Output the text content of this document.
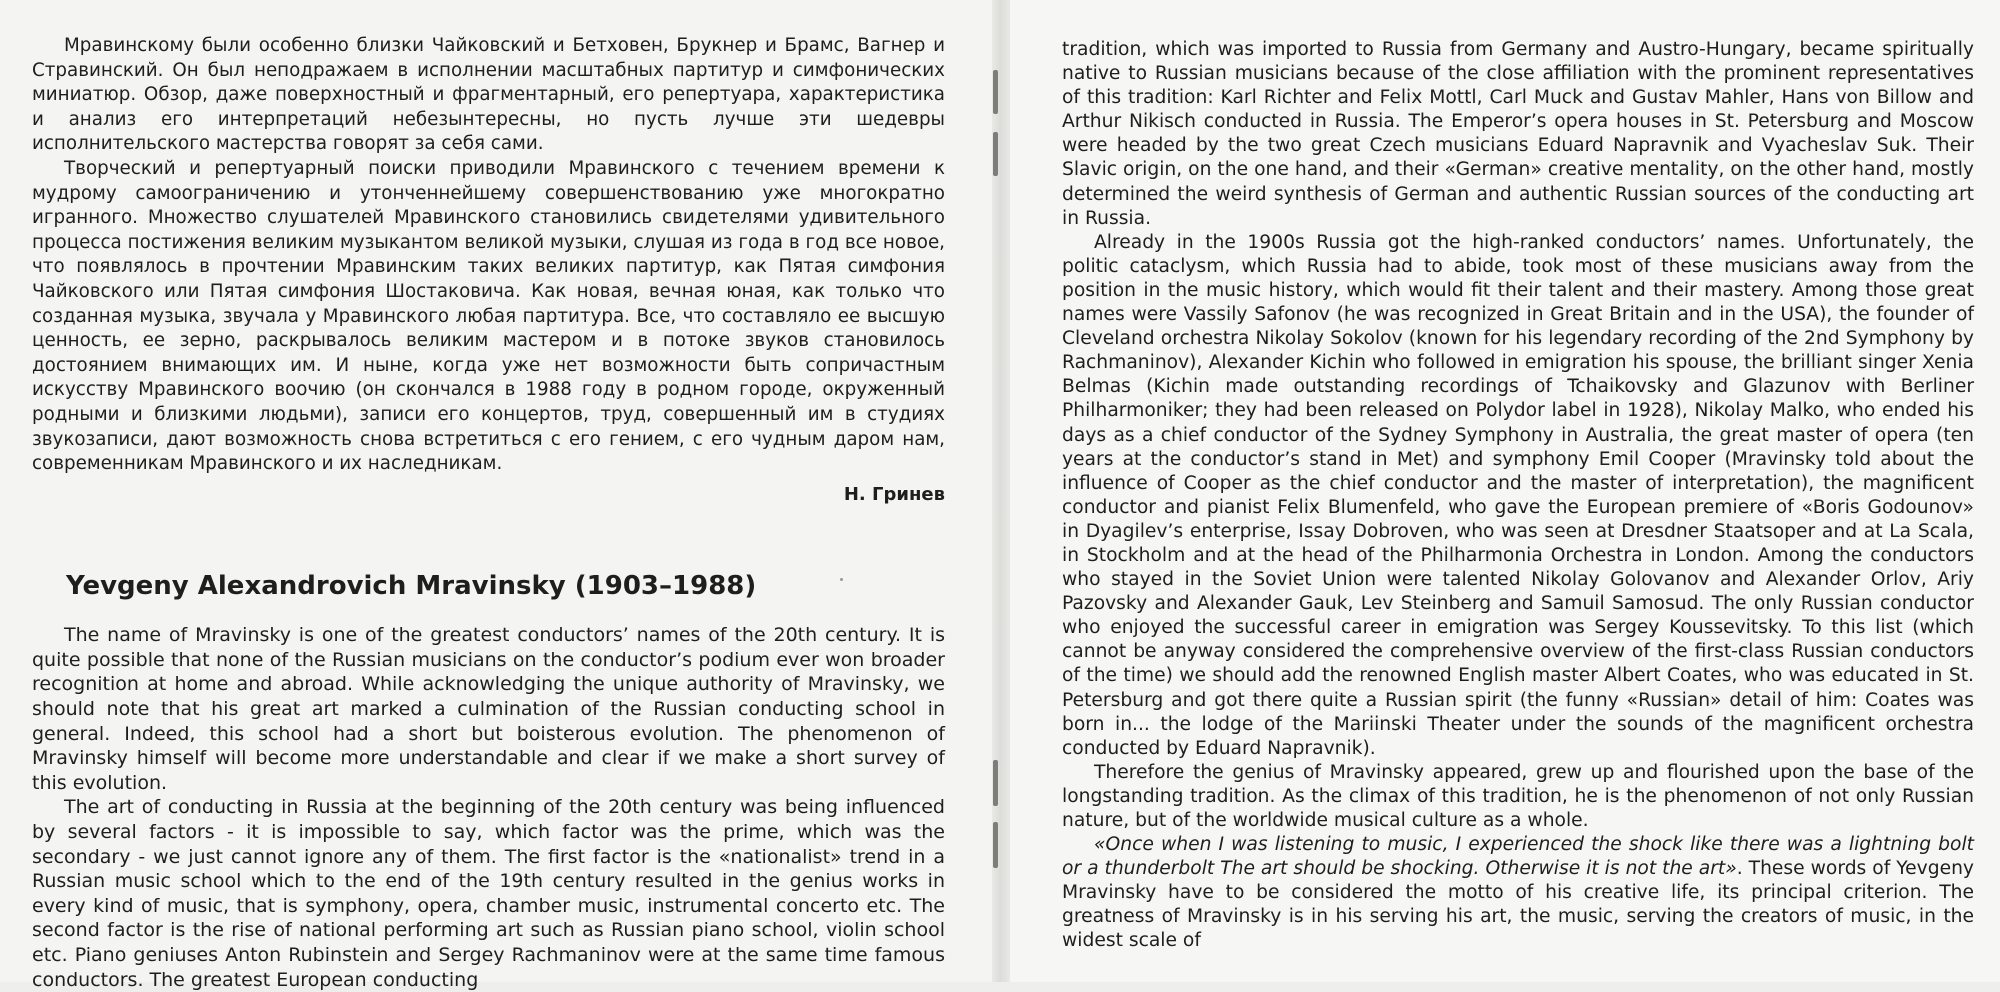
Мравинскому были особенно близки Чайковский и Бетховен, Брукнер и Брамс, Вагнер и Стравинский. Он был неподражаем в исполнении масштабных партитур и симфонических миниатюр. Обзор, даже поверхностный и фрагментарный, его репертуара, характеристика и анализ его интерпретаций небезынтересны, но пусть лучше эти шедевры исполнительского мастерства говорят за себя сами.

Творческий и репертуарный поиски приводили Мравинского с течением времени к мудрому самоограничению и утонченнейшему совершенствованию уже многократно игранного. Множество слушателей Мравинского становились свидетелями удивительного процесса постижения великим музыкантом великой музыки, слушая из года в год все новое, что появлялось в прочтении Мравинским таких великих партитур, как Пятая симфония Чайковского или Пятая симфония Шостаковича. Как новая, вечная юная, как только что созданная музыка, звучала у Мравинского любая партитура. Все, что составляло ее высшую ценность, ее зерно, раскрывалось великим мастером и в потоке звуков становилось достоянием внимающих им. И ныне, когда уже нет возможности быть сопричастным искусству Мравинского воочию (он скончался в 1988 году в родном городе, окруженный родными и близкими людьми), записи его концертов, труд, совершенный им в студиях звукозаписи, дают возможность снова встретиться с его гением, с его чудным даром нам, современникам Мравинского и их наследникам.

Н. Гринев
Yevgeny Alexandrovich Mravinsky (1903–1988)

The name of Mravinsky is one of the greatest conductors’ names of the 20th century. It is quite possible that none of the Russian musicians on the conductor’s podium ever won broader recognition at home and abroad. While acknowledging the unique authority of Mravinsky, we should note that his great art marked a culmination of the Russian conducting school in general. Indeed, this school had a short but boisterous evolution. The phenomenon of Mravinsky himself will become more understandable and clear if we make a short survey of this evolution.

The art of conducting in Russia at the beginning of the 20th century was being influenced by several factors - it is impossible to say, which factor was the prime, which was the secondary - we just cannot ignore any of them. The first factor is the «nationalist» trend in a Russian music school which to the end of the 19th century resulted in the genius works in every kind of music, that is symphony, opera, chamber music, instrumental concerto etc. The second factor is the rise of national performing art such as Russian piano school, violin school etc. Piano geniuses Anton Rubinstein and Sergey Rachmaninov were at the same time famous conductors. The greatest European conducting

tradition, which was imported to Russia from Germany and Austro-Hungary, became spiritually native to Russian musicians because of the close affiliation with the prominent representatives of this tradition: Karl Richter and Felix Mottl, Carl Muck and Gustav Mahler, Hans von Billow and Arthur Nikisch conducted in Russia. The Emperor’s opera houses in St. Petersburg and Moscow were headed by the two great Czech musicians Eduard Napravnik and Vyacheslav Suk. Their Slavic origin, on the one hand, and their «German» creative mentality, on the other hand, mostly determined the weird synthesis of German and authentic Russian sources of the conducting art in Russia.

Already in the 1900s Russia got the high-ranked conductors’ names. Unfortunately, the politic cataclysm, which Russia had to abide, took most of these musicians away from the position in the music history, which would fit their talent and their mastery. Among those great names were Vassily Safonov (he was recognized in Great Britain and in the USA), the founder of Cleveland orchestra Nikolay Sokolov (known for his legendary recording of the 2nd Symphony by Rachmaninov), Alexander Kichin who followed in emigration his spouse, the brilliant singer Xenia Belmas (Kichin made outstanding recordings of Tchaikovsky and Glazunov with Berliner Philharmoniker; they had been released on Polydor label in 1928), Nikolay Malko, who ended his days as a chief conductor of the Sydney Symphony in Australia, the great master of opera (ten years at the conductor’s stand in Met) and symphony Emil Cooper (Mravinsky told about the influence of Cooper as the chief conductor and the master of interpretation), the magnificent conductor and pianist Felix Blumenfeld, who gave the European premiere of «Boris Godounov» in Dyagilev’s enterprise, Issay Dobroven, who was seen at Dresdner Staatsoper and at La Scala, in Stockholm and at the head of the Philharmonia Orchestra in London. Among the conductors who stayed in the Soviet Union were talented Nikolay Golovanov and Alexander Orlov, Ariy Pazovsky and Alexander Gauk, Lev Steinberg and Samuil Samosud. The only Russian conductor who enjoyed the successful career in emigration was Sergey Koussevitsky. To this list (which cannot be anyway considered the comprehensive overview of the first-class Russian conductors of the time) we should add the renowned English master Albert Coates, who was educated in St. Petersburg and got there quite a Russian spirit (the funny «Russian» detail of him: Coates was born in... the lodge of the Mariinski Theater under the sounds of the magnificent orchestra conducted by Eduard Napravnik).

Therefore the genius of Mravinsky appeared, grew up and flourished upon the base of the longstanding tradition. As the climax of this tradition, he is the phenomenon of not only Russian nature, but of the worldwide musical culture as a whole.

«Once when I was listening to music, I experienced the shock like there was a lightning bolt or a thunderbolt The art should be shocking. Otherwise it is not the art». These words of Yevgeny Mravinsky have to be considered the motto of his creative life, its principal criterion. The greatness of Mravinsky is in his serving his art, the music, serving the creators of music, in the widest scale of
